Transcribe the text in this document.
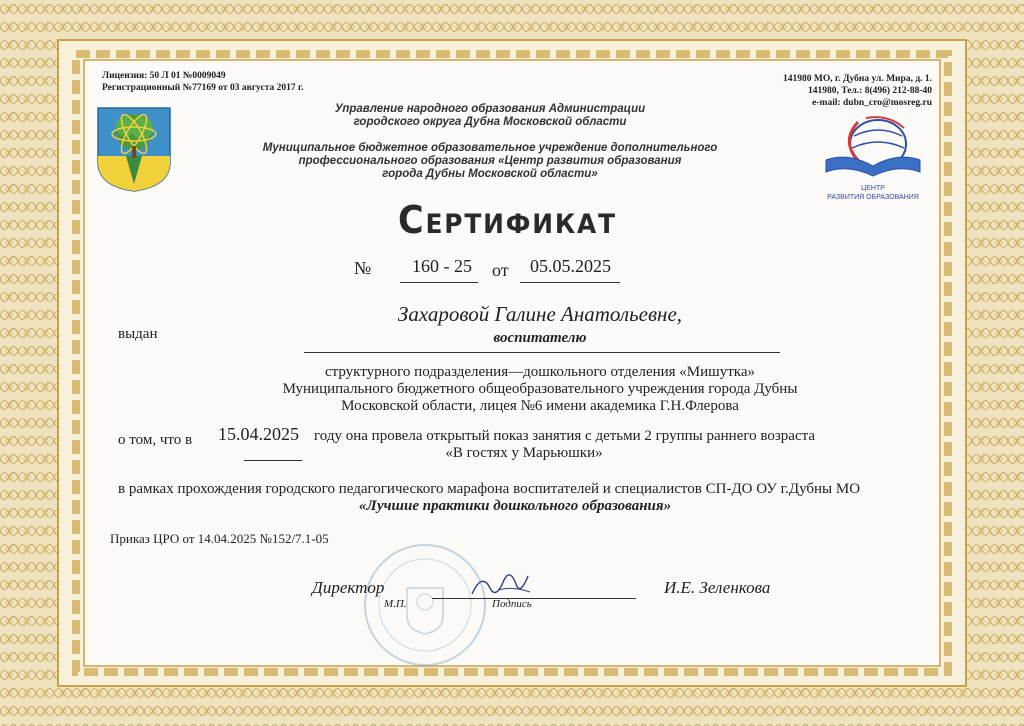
Лицензия: 50 Л 01 №0009049
Регистрационный №77169 от 03 августа 2017 г.
141980 МО, г. Дубна ул. Мира, д. 1.
141980, Тел.: 8(496) 212-88-40
e-mail: dubn_cro@mosreg.ru
Управление народного образования Администрации
городского округа Дубна Московской области
Муниципальное бюджетное образовательное учреждение дополнительного
профессионального образования «Центр развития образования
города Дубны Московской области»
ЦЕНТР
РАЗВИТИЯ ОБРАЗОВАНИЯ
Сертификат
№ 160 - 25 от 05.05.2025
выдан
Захаровой Галине Анатольевне,
воспитателю
структурного подразделения—дошкольного отделения «Мишутка»
Муниципального бюджетного общеобразовательного учреждения города Дубны
Московской области, лицея №6 имени академика Г.Н.Флерова
о том, что в 15.04.2025 году она провела открытый показ занятия с детьми 2 группы раннего возраста
«В гостях у Марьюшки»
в рамках прохождения городского педагогического марафона воспитателей и специалистов СП-ДО ОУ г.Дубны МО
«Лучшие практики дошкольного образования»
Приказ ЦРО от 14.04.2025 №152/7.1-05
Директор
М.П.	Подпись
И.Е. Зеленкова
